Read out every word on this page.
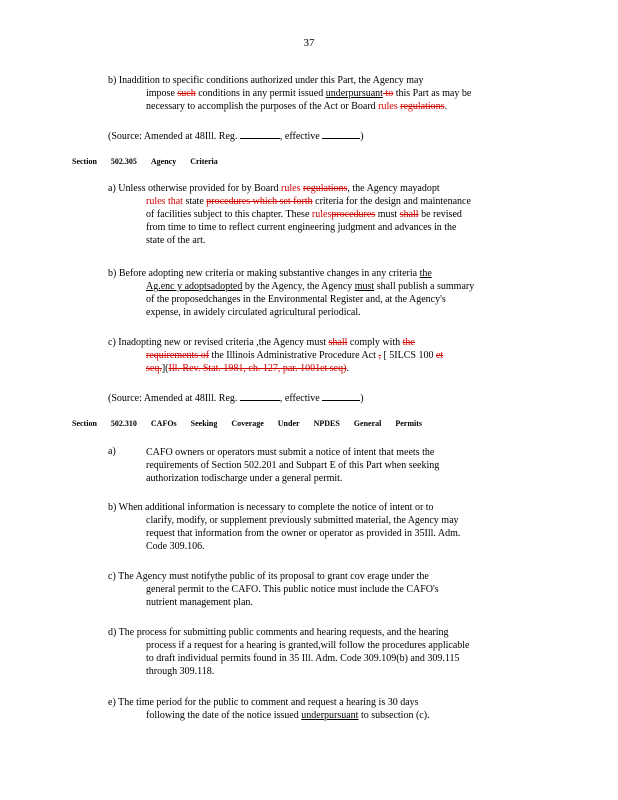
37
b) Inaddition to specific conditions authorized under this Part, the Agency may
impose such conditions in any permit issued underpursuant to this Part as may be
necessary to accomplish the purposes of the Act or Board rules regulations.
(Source: Amended at 48Ill. Reg.	, effective	)
Section 502.305 Agency Criteria
a) Unless otherwise provided for by Board rules regulations, the Agency mayadopt
rules that state procedures which set forth criteria for the design and maintenance
of facilities subject to this chapter. These rulesprocedures must shall be revised
from time to time to reflect current engineering judgment and advances in the
state of the art.
b) Before adopting new criteria or making substantive changes in any criteria the
Ag.enc y adoptsadopted by the Agency, the Agency must shall publish a summary
of the proposedchanges in the Environmental Register and, at the Agency's
expense, in awidely circulated agricultural periodical.
c) Inadopting new or revised criteria ,the Agency must shall comply with the
requirements of the Illinois Administrative Procedure Act , [ 5ILCS 100 et
seq.](Ill. Rev. Stat. 1981, ch. 127, par. 1001et seq).
(Source: Amended at 48Ill. Reg.	, effective	)
Section 502.310 CAFOs Seeking Coverage Under NPDES General Permits
a)	CAFO owners or operators must submit a notice of intent that meets the
requirements of Section 502.201 and Subpart E of this Part when seeking
authorization todischarge under a general permit.
b) When additional information is necessary to complete the notice of intent or to
clarify, modify, or supplement previously submitted material, the Agency may
request that information from the owner or operator as provided in 35Ill. Adm.
Code 309.106.
c) The Agency must notifythe public of its proposal to grant cov erage under the
general permit to the CAFO. This public notice must include the CAFO's
nutrient management plan.
d) The process for submitting public comments and hearing requests, and the hearing
process if a request for a hearing is granted,will follow the procedures applicable
to draft individual permits found in 35 Ill. Adm. Code 309.109(b) and 309.115
through 309.118.
e) The time period for the public to comment and request a hearing is 30 days
following the date of the notice issued underpursuant to subsection (c).
